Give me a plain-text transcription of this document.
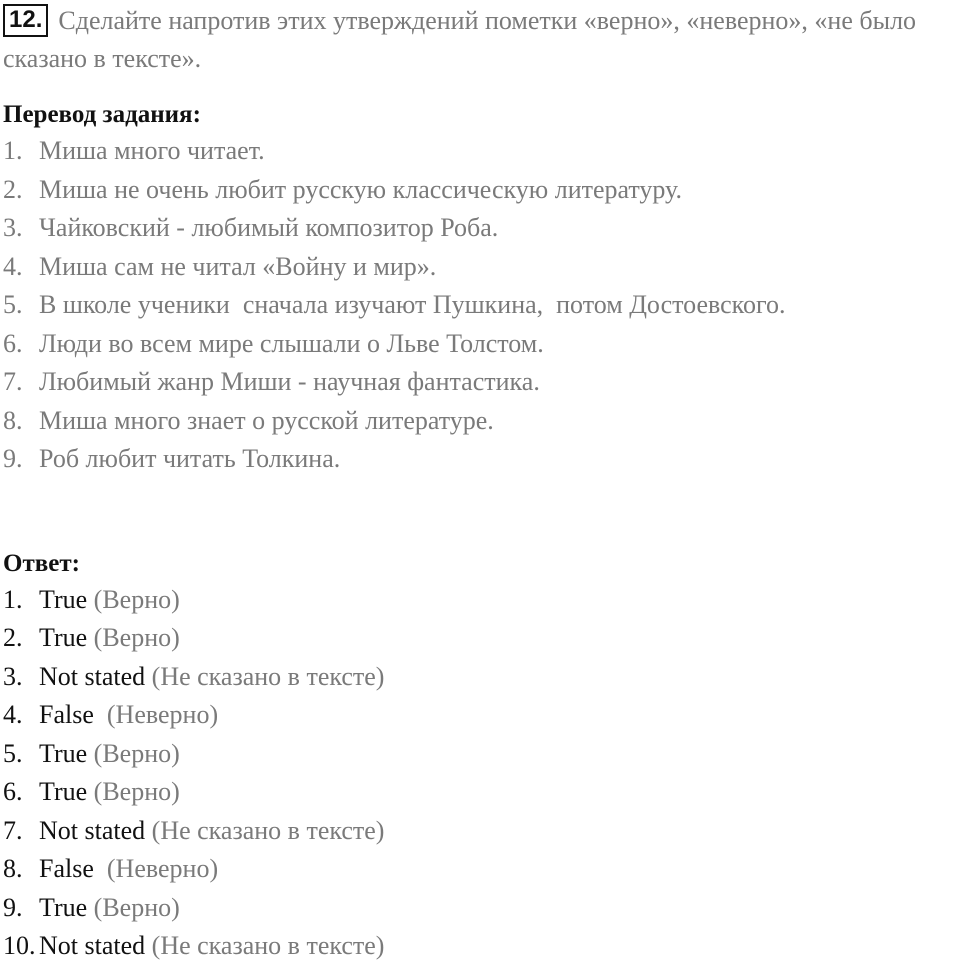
12. Сделайте напротив этих утверждений пометки «верно», «неверно», «не было сказано в тексте».
Перевод задания:
1. Миша много читает.
2. Миша не очень любит русскую классическую литературу.
3. Чайковский - любимый композитор Роба.
4. Миша сам не читал «Войну и мир».
5. В школе ученики  сначала изучают Пушкина,  потом Достоевского.
6. Люди во всем мире слышали о Льве Толстом.
7. Любимый жанр Миши - научная фантастика.
8. Миша много знает о русской литературе.
9. Роб любит читать Толкина.
Ответ:
1. True (Верно)
2. True (Верно)
3. Not stated (Не сказано в тексте)
4. False (Неверно)
5. True (Верно)
6. True (Верно)
7. Not stated (Не сказано в тексте)
8. False (Неверно)
9. True (Верно)
10. Not stated (Не сказано в тексте)
